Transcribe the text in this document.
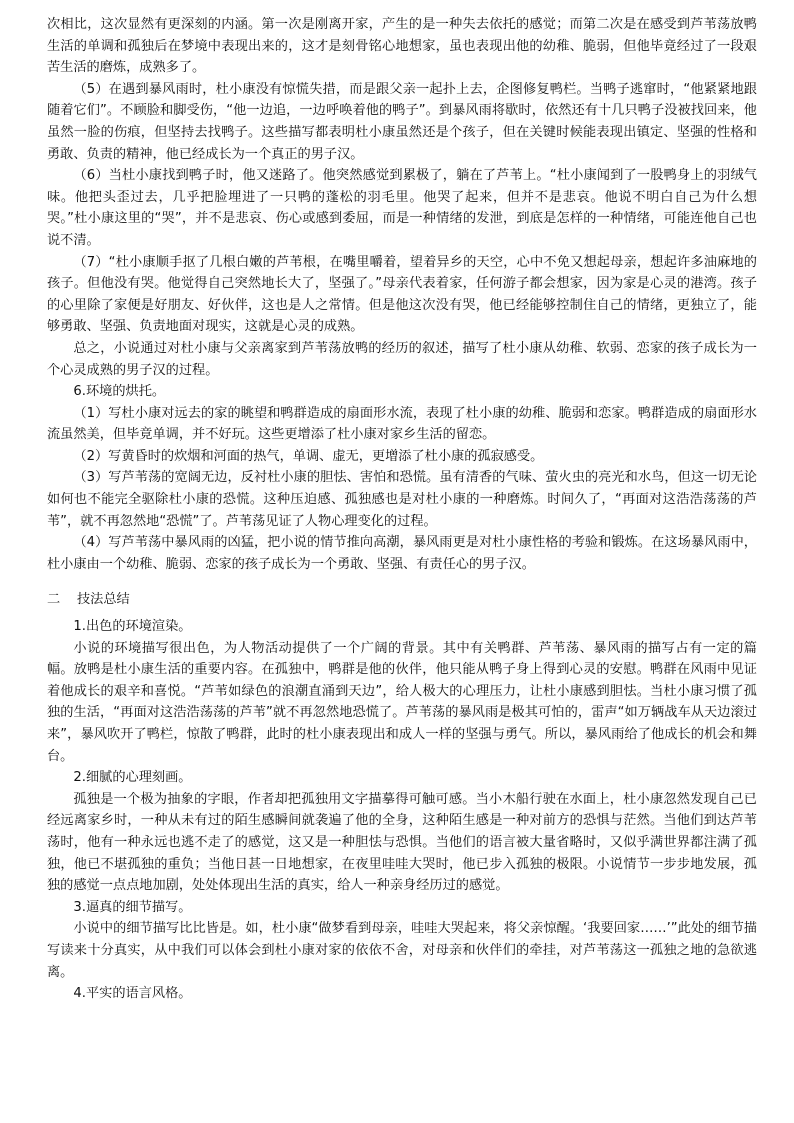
次相比，这次显然有更深刻的内涵。第一次是刚离开家，产生的是一种失去依托的感觉；而第二次是在感受到芦苇荡放鸭生活的单调和孤独后在梦境中表现出来的，这才是刻骨铭心地想家，虽也表现出他的幼稚、脆弱，但他毕竟经过了一段艰苦生活的磨炼，成熟多了。

（5）在遇到暴风雨时，杜小康没有惊慌失措，而是跟父亲一起扑上去，企图修复鸭栏。当鸭子逃窜时，“他紧紧地跟随着它们”。不顾脸和脚受伤，“他一边追，一边呼唤着他的鸭子”。到暴风雨将歇时，依然还有十几只鸭子没被找回来，他虽然一脸的伤痕，但坚持去找鸭子。这些描写都表明杜小康虽然还是个孩子，但在关键时候能表现出镇定、坚强的性格和勇敢、负责的精神，他已经成长为一个真正的男子汉。

（6）当杜小康找到鸭子时，他又迷路了。他突然感觉到累极了，躺在了芦苇上。“杜小康闻到了一股鸭身上的羽绒气味。他把头歪过去，几乎把脸埋进了一只鸭的蓬松的羽毛里。他哭了起来，但并不是悲哀。他说不明白自己为什么想哭。”杜小康这里的“哭”，并不是悲哀、伤心或感到委屈，而是一种情绪的发泄，到底是怎样的一种情绪，可能连他自己也说不清。

（7）“杜小康顺手抠了几根白嫩的芦苇根，在嘴里嚼着，望着异乡的天空，心中不免又想起母亲，想起许多油麻地的孩子。但他没有哭。他觉得自己突然地长大了，坚强了。”母亲代表着家，任何游子都会想家，因为家是心灵的港湾。孩子的心里除了家便是好朋友、好伙伴，这也是人之常情。但是他这次没有哭，他已经能够控制住自己的情绪，更独立了，能够勇敢、坚强、负责地面对现实，这就是心灵的成熟。

总之，小说通过对杜小康与父亲离家到芦苇荡放鸭的经历的叙述，描写了杜小康从幼稚、软弱、恋家的孩子成长为一个心灵成熟的男子汉的过程。

6.环境的烘托。

（1）写杜小康对远去的家的眺望和鸭群造成的扇面形水流，表现了杜小康的幼稚、脆弱和恋家。鸭群造成的扇面形水流虽然美，但毕竟单调，并不好玩。这些更增添了杜小康对家乡生活的留恋。

（2）写黄昏时的炊烟和河面的热气，单调、虚无，更增添了杜小康的孤寂感受。

（3）写芦苇荡的宽阔无边，反衬杜小康的胆怯、害怕和恐慌。虽有清香的气味、萤火虫的亮光和水鸟，但这一切无论如何也不能完全驱除杜小康的恐慌。这种压迫感、孤独感也是对杜小康的一种磨炼。时间久了，“再面对这浩浩荡荡的芦苇”，就不再忽然地“恐慌”了。芦苇荡见证了人物心理变化的过程。

（4）写芦苇荡中暴风雨的凶猛，把小说的情节推向高潮，暴风雨更是对杜小康性格的考验和锻炼。在这场暴风雨中，杜小康由一个幼稚、脆弱、恋家的孩子成长为一个勇敢、坚强、有责任心的男子汉。

二    技法总结

1.出色的环境渲染。

小说的环境描写很出色，为人物活动提供了一个广阔的背景。其中有关鸭群、芦苇荡、暴风雨的描写占有一定的篇幅。放鸭是杜小康生活的重要内容。在孤独中，鸭群是他的伙伴，他只能从鸭子身上得到心灵的安慰。鸭群在风雨中见证着他成长的艰辛和喜悦。“芦苇如绿色的浪潮直涌到天边”，给人极大的心理压力，让杜小康感到胆怯。当杜小康习惯了孤独的生活，“再面对这浩浩荡荡的芦苇”就不再忽然地恐慌了。芦苇荡的暴风雨是极其可怕的，雷声“如万辆战车从天边滚过来”，暴风吹开了鸭栏，惊散了鸭群，此时的杜小康表现出和成人一样的坚强与勇气。所以，暴风雨给了他成长的机会和舞台。

2.细腻的心理刻画。

孤独是一个极为抽象的字眼，作者却把孤独用文字描摹得可触可感。当小木船行驶在水面上，杜小康忽然发现自己已经远离家乡时，一种从未有过的陌生感瞬间就袭遍了他的全身，这种陌生感是一种对前方的恐惧与茫然。当他们到达芦苇荡时，他有一种永远也逃不走了的感觉，这又是一种胆怯与恐惧。当他们的语言被大量省略时，又似乎满世界都注满了孤独，他已不堪孤独的重负；当他日甚一日地想家，在夜里哇哇大哭时，他已步入孤独的极限。小说情节一步步地发展，孤独的感觉一点点地加剧，处处体现出生活的真实，给人一种亲身经历过的感觉。

3.逼真的细节描写。

小说中的细节描写比比皆是。如，杜小康“做梦看到母亲，哇哇大哭起来，将父亲惊醒。‘我要回家……’”此处的细节描写读来十分真实，从中我们可以体会到杜小康对家的依依不舍，对母亲和伙伴们的牵挂，对芦苇荡这一孤独之地的急欲逃离。

4.平实的语言风格。
